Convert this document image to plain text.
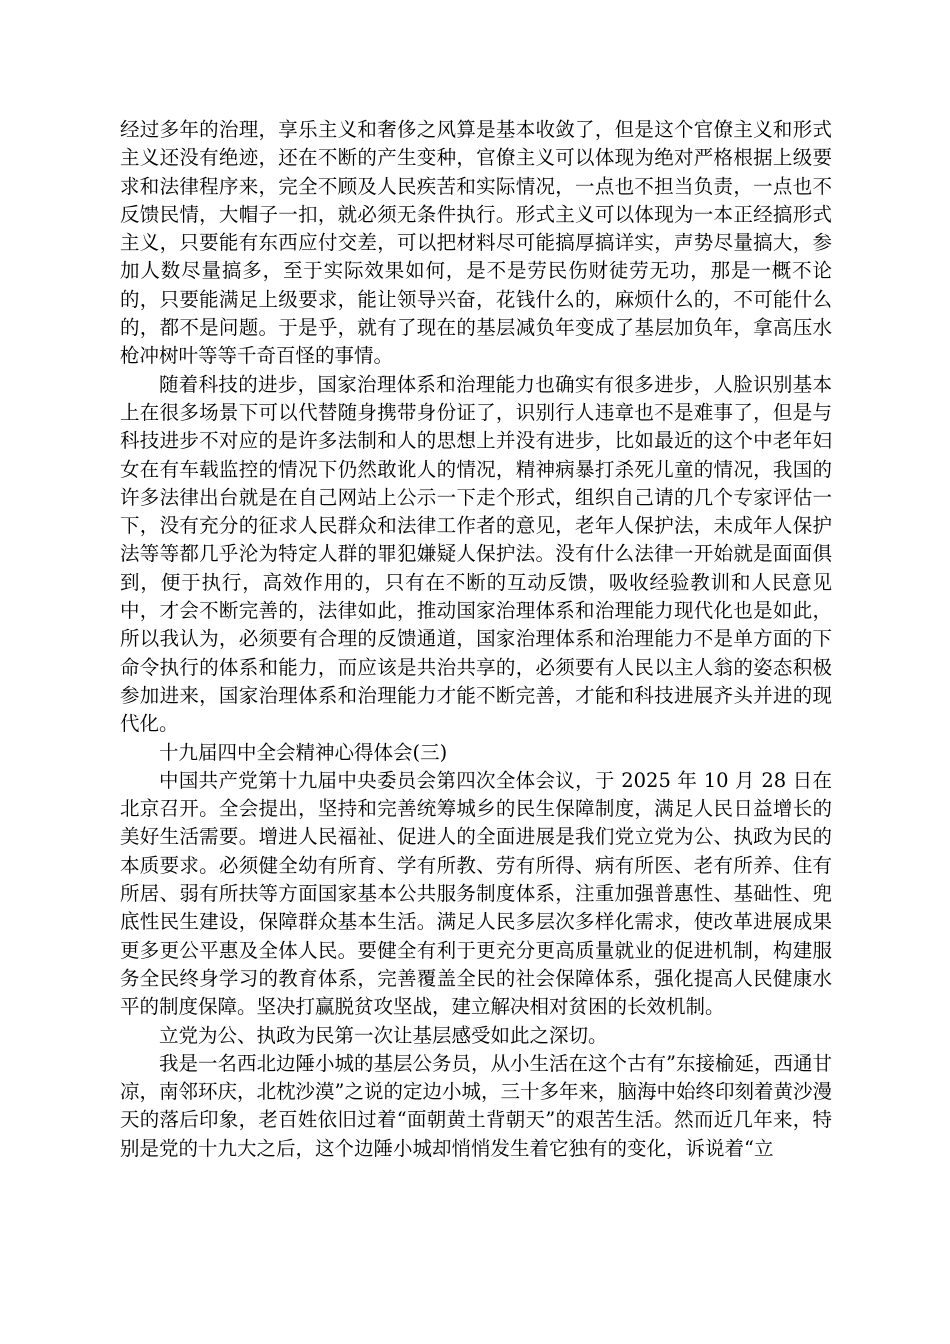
经过多年的治理，享乐主义和奢侈之风算是基本收敛了，但是这个官僚主义和形式主义还没有绝迹，还在不断的产生变种，官僚主义可以体现为绝对严格根据上级要求和法律程序来，完全不顾及人民疾苦和实际情况，一点也不担当负责，一点也不反馈民情，大帽子一扣，就必须无条件执行。形式主义可以体现为一本正经搞形式主义，只要能有东西应付交差，可以把材料尽可能搞厚搞详实，声势尽量搞大，参加人数尽量搞多，至于实际效果如何，是不是劳民伤财徒劳无功，那是一概不论的，只要能满足上级要求，能让领导兴奋，花钱什么的，麻烦什么的，不可能什么的，都不是问题。于是乎，就有了现在的基层减负年变成了基层加负年，拿高压水枪冲树叶等等千奇百怪的事情。

随着科技的进步，国家治理体系和治理能力也确实有很多进步，人脸识别基本上在很多场景下可以代替随身携带身份证了，识别行人违章也不是难事了，但是与科技进步不对应的是许多法制和人的思想上并没有进步，比如最近的这个中老年妇女在有车载监控的情况下仍然敢讹人的情况，精神病暴打杀死儿童的情况，我国的许多法律出台就是在自己网站上公示一下走个形式，组织自己请的几个专家评估一下，没有充分的征求人民群众和法律工作者的意见，老年人保护法，未成年人保护法等等都几乎沦为特定人群的罪犯嫌疑人保护法。没有什么法律一开始就是面面俱到，便于执行，高效作用的，只有在不断的互动反馈，吸收经验教训和人民意见中，才会不断完善的，法律如此，推动国家治理体系和治理能力现代化也是如此，所以我认为，必须要有合理的反馈通道，国家治理体系和治理能力不是单方面的下命令执行的体系和能力，而应该是共治共享的，必须要有人民以主人翁的姿态积极参加进来，国家治理体系和治理能力才能不断完善，才能和科技进展齐头并进的现代化。

十九届四中全会精神心得体会(三)

中国共产党第十九届中央委员会第四次全体会议，于 2025 年 10 月 28 日在北京召开。全会提出，坚持和完善统筹城乡的民生保障制度，满足人民日益增长的美好生活需要。增进人民福祉、促进人的全面进展是我们党立党为公、执政为民的本质要求。必须健全幼有所育、学有所教、劳有所得、病有所医、老有所养、住有所居、弱有所扶等方面国家基本公共服务制度体系，注重加强普惠性、基础性、兜底性民生建设，保障群众基本生活。满足人民多层次多样化需求，使改革进展成果更多更公平惠及全体人民。要健全有利于更充分更高质量就业的促进机制，构建服务全民终身学习的教育体系，完善覆盖全民的社会保障体系，强化提高人民健康水平的制度保障。坚决打赢脱贫攻坚战，建立解决相对贫困的长效机制。

立党为公、执政为民第一次让基层感受如此之深切。

我是一名西北边陲小城的基层公务员，从小生活在这个古有”东接榆延，西通甘凉，南邻环庆，北枕沙漠”之说的定边小城，三十多年来，脑海中始终印刻着黄沙漫天的落后印象，老百姓依旧过着“面朝黄土背朝天”的艰苦生活。然而近几年来，特别是党的十九大之后，这个边陲小城却悄悄发生着它独有的变化，诉说着“立
